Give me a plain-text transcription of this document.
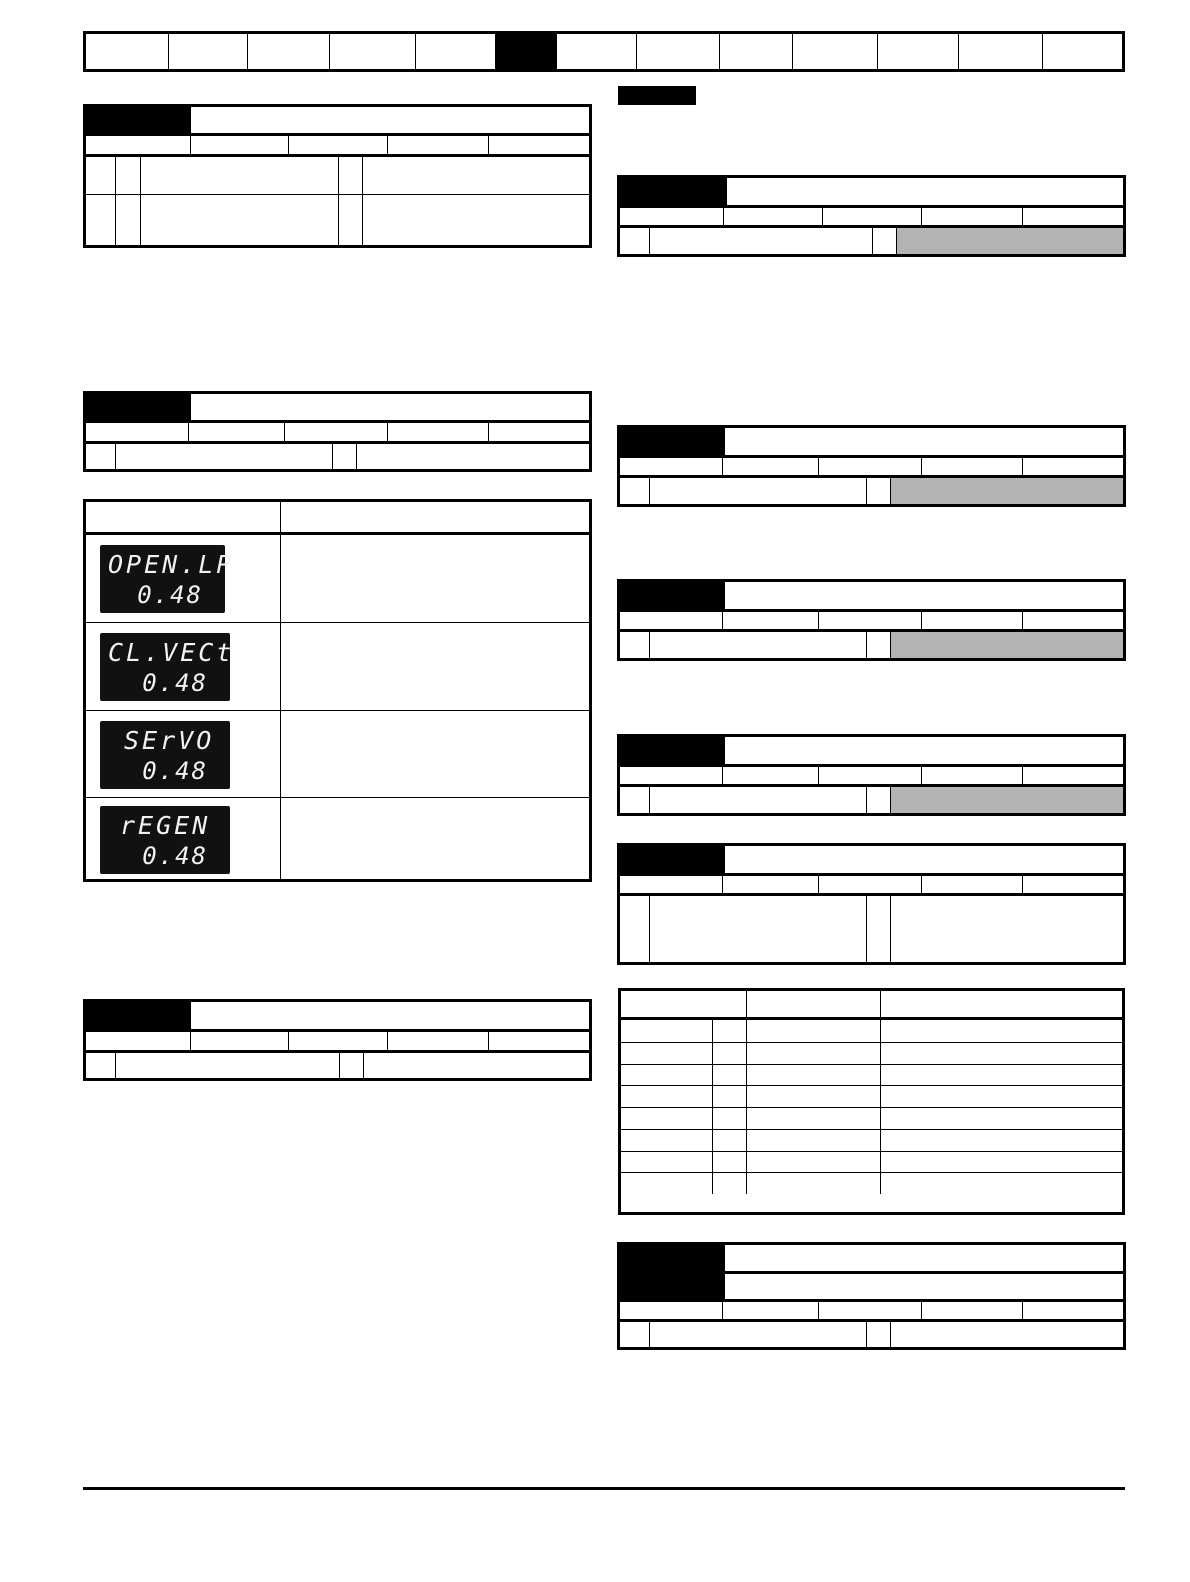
OPEN.LP
0.48
CL.VECt
0.48
SErVO
0.48
rEGEN
0.48
